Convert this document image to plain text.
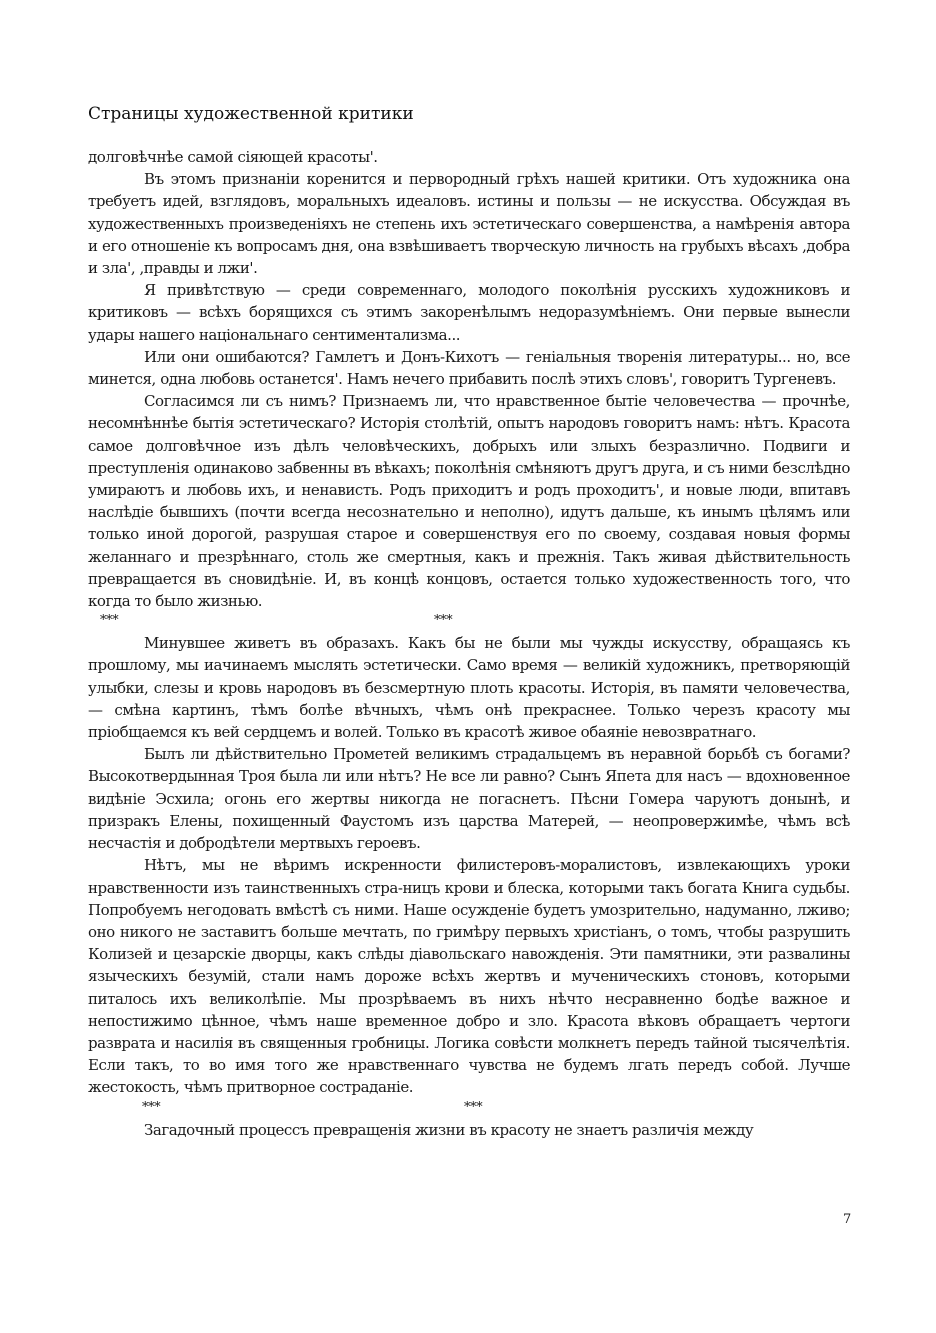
Страницы художественной критики

долговѣчнѣе самой сіяющей красоты'.

Въ этомъ признаніи коренится и первородный грѣхъ нашей критики. Отъ художника она требуетъ идей, взглядовъ, моральныхъ идеаловъ. истины и пользы — не искусства. Обсуждая въ художественныхъ произведеніяхъ не степень ихъ эстетическаго совершенства, а намѣренія автора и его отношеніе къ вопросамъ дня, она взвѣшиваетъ творческую личность на грубыхъ вѣсахъ ,добра и зла', ,правды и лжи'.

Я привѣтствую — среди современнаго, молодого поколѣнія русскихъ художниковъ и критиковъ — всѣхъ борящихся съ этимъ закоренѣлымъ недоразумѣніемъ. Они первые вынесли удары нашего національнаго сентиментализма...

Или они ошибаются? Гамлетъ и Донъ-Кихотъ — геніальныя творенія литературы... но, все минется, одна любовь останется'. Намъ нечего прибавить послѣ этихъ словъ', говоритъ Тургеневъ.

Согласимся ли съ нимъ? Признаемъ ли, что нравственное бытіе человечества — прочнѣе, несомнѣннѣе бытія эстетическаго? Исторія столѣтій, опытъ народовъ говоритъ намъ: нѣтъ. Красота самое долговѣчное изъ дѣлъ человѣческихъ, добрыхъ или злыхъ безразлично. Подвиги и преступленія одинаково забвенны въ вѣкахъ; поколѣнія смѣняютъ другъ друга, и съ ними безслѣдно умираютъ и любовь ихъ, и ненависть. Родъ приходитъ и родъ проходитъ', и новые люди, впитавъ наслѣдіе бывшихъ (почти всегда несознательно и неполно), идутъ дальше, къ инымъ цѣлямъ или только иной дорогой, разрушая старое и совершенствуя его по своему, создавая новыя формы желаннаго и презрѣннаго, столь же смертныя, какъ и прежнія. Такъ живая дѣйствительность превращается въ сновидѣніе. И, въ концѣ концовъ, остается только художественность того, что когда то было жизнью.

***	***

Минувшее живетъ въ образахъ. Какъ бы не были мы чужды искусству, обращаясь къ прошлому, мы иачинаемъ мыслять эстетически. Само время — великій художникъ, претворяющій улыбки, слезы и кровь народовъ въ безсмертную плоть красоты. Исторія, въ памяти человечества, — смѣна картинъ, тѣмъ болѣе вѣчныхъ, чѣмъ онѣ прекраснее. Только черезъ красоту мы пріобщаемся къ вей сердцемъ и волей. Только въ красотѣ живое обаяніе невозвратнаго.

Былъ ли дѣйствительно Прометей великимъ страдальцемъ въ неравной борьбѣ съ богами? Высокотвердынная Троя была ли или нѣтъ? Не все ли равно? Сынъ Япета для насъ — вдохновенное видѣніе Эсхила; огонь его жертвы никогда не погаснетъ. Пѣсни Гомера чаруютъ донынѣ, и призракъ Елены, похищенный Фаустомъ изъ царства Матерей, — неопровержимѣе, чѣмъ всѣ несчастія и добродѣтели мертвыхъ героевъ.

Нѣтъ, мы не вѣримъ искренности филистеровъ-моралистовъ, извлекающихъ уроки нравственности изъ таинственныхъ стра-ницъ крови и блеска, которыми такъ богата Книга судьбы. Попробуемъ негодовать вмѣстѣ съ ними. Наше осужденіе будетъ умозрительно, надуманно, лживо; оно никого не заставитъ больше мечтать, по гримѣру первыхъ христіанъ, о томъ, чтобы разрушить Колизей и цезарскіе дворцы, какъ слѣды діавольскаго навожденія. Эти памятники, эти развалины языческихъ безумій, стали намъ дороже всѣхъ жертвъ и мученическихъ стоновъ, которыми питалось ихъ великолѣпіе. Мы прозрѣваемъ въ нихъ нѣчто несравненно бодѣе важное и непостижимо цѣнное, чѣмъ наше временное добро и зло. Красота вѣковъ обращаетъ чертоги разврата и насилія въ священныя гробницы. Логика совѣсти молкнетъ передъ тайной тысячелѣтія. Если такъ, то во имя того же нравственнаго чувства не будемъ лгать передъ собой. Лучше жестокость, чѣмъ притворное состраданіе.

***	***

Загадочный процессъ превращенія жизни въ красоту не знаетъ различія между

7
